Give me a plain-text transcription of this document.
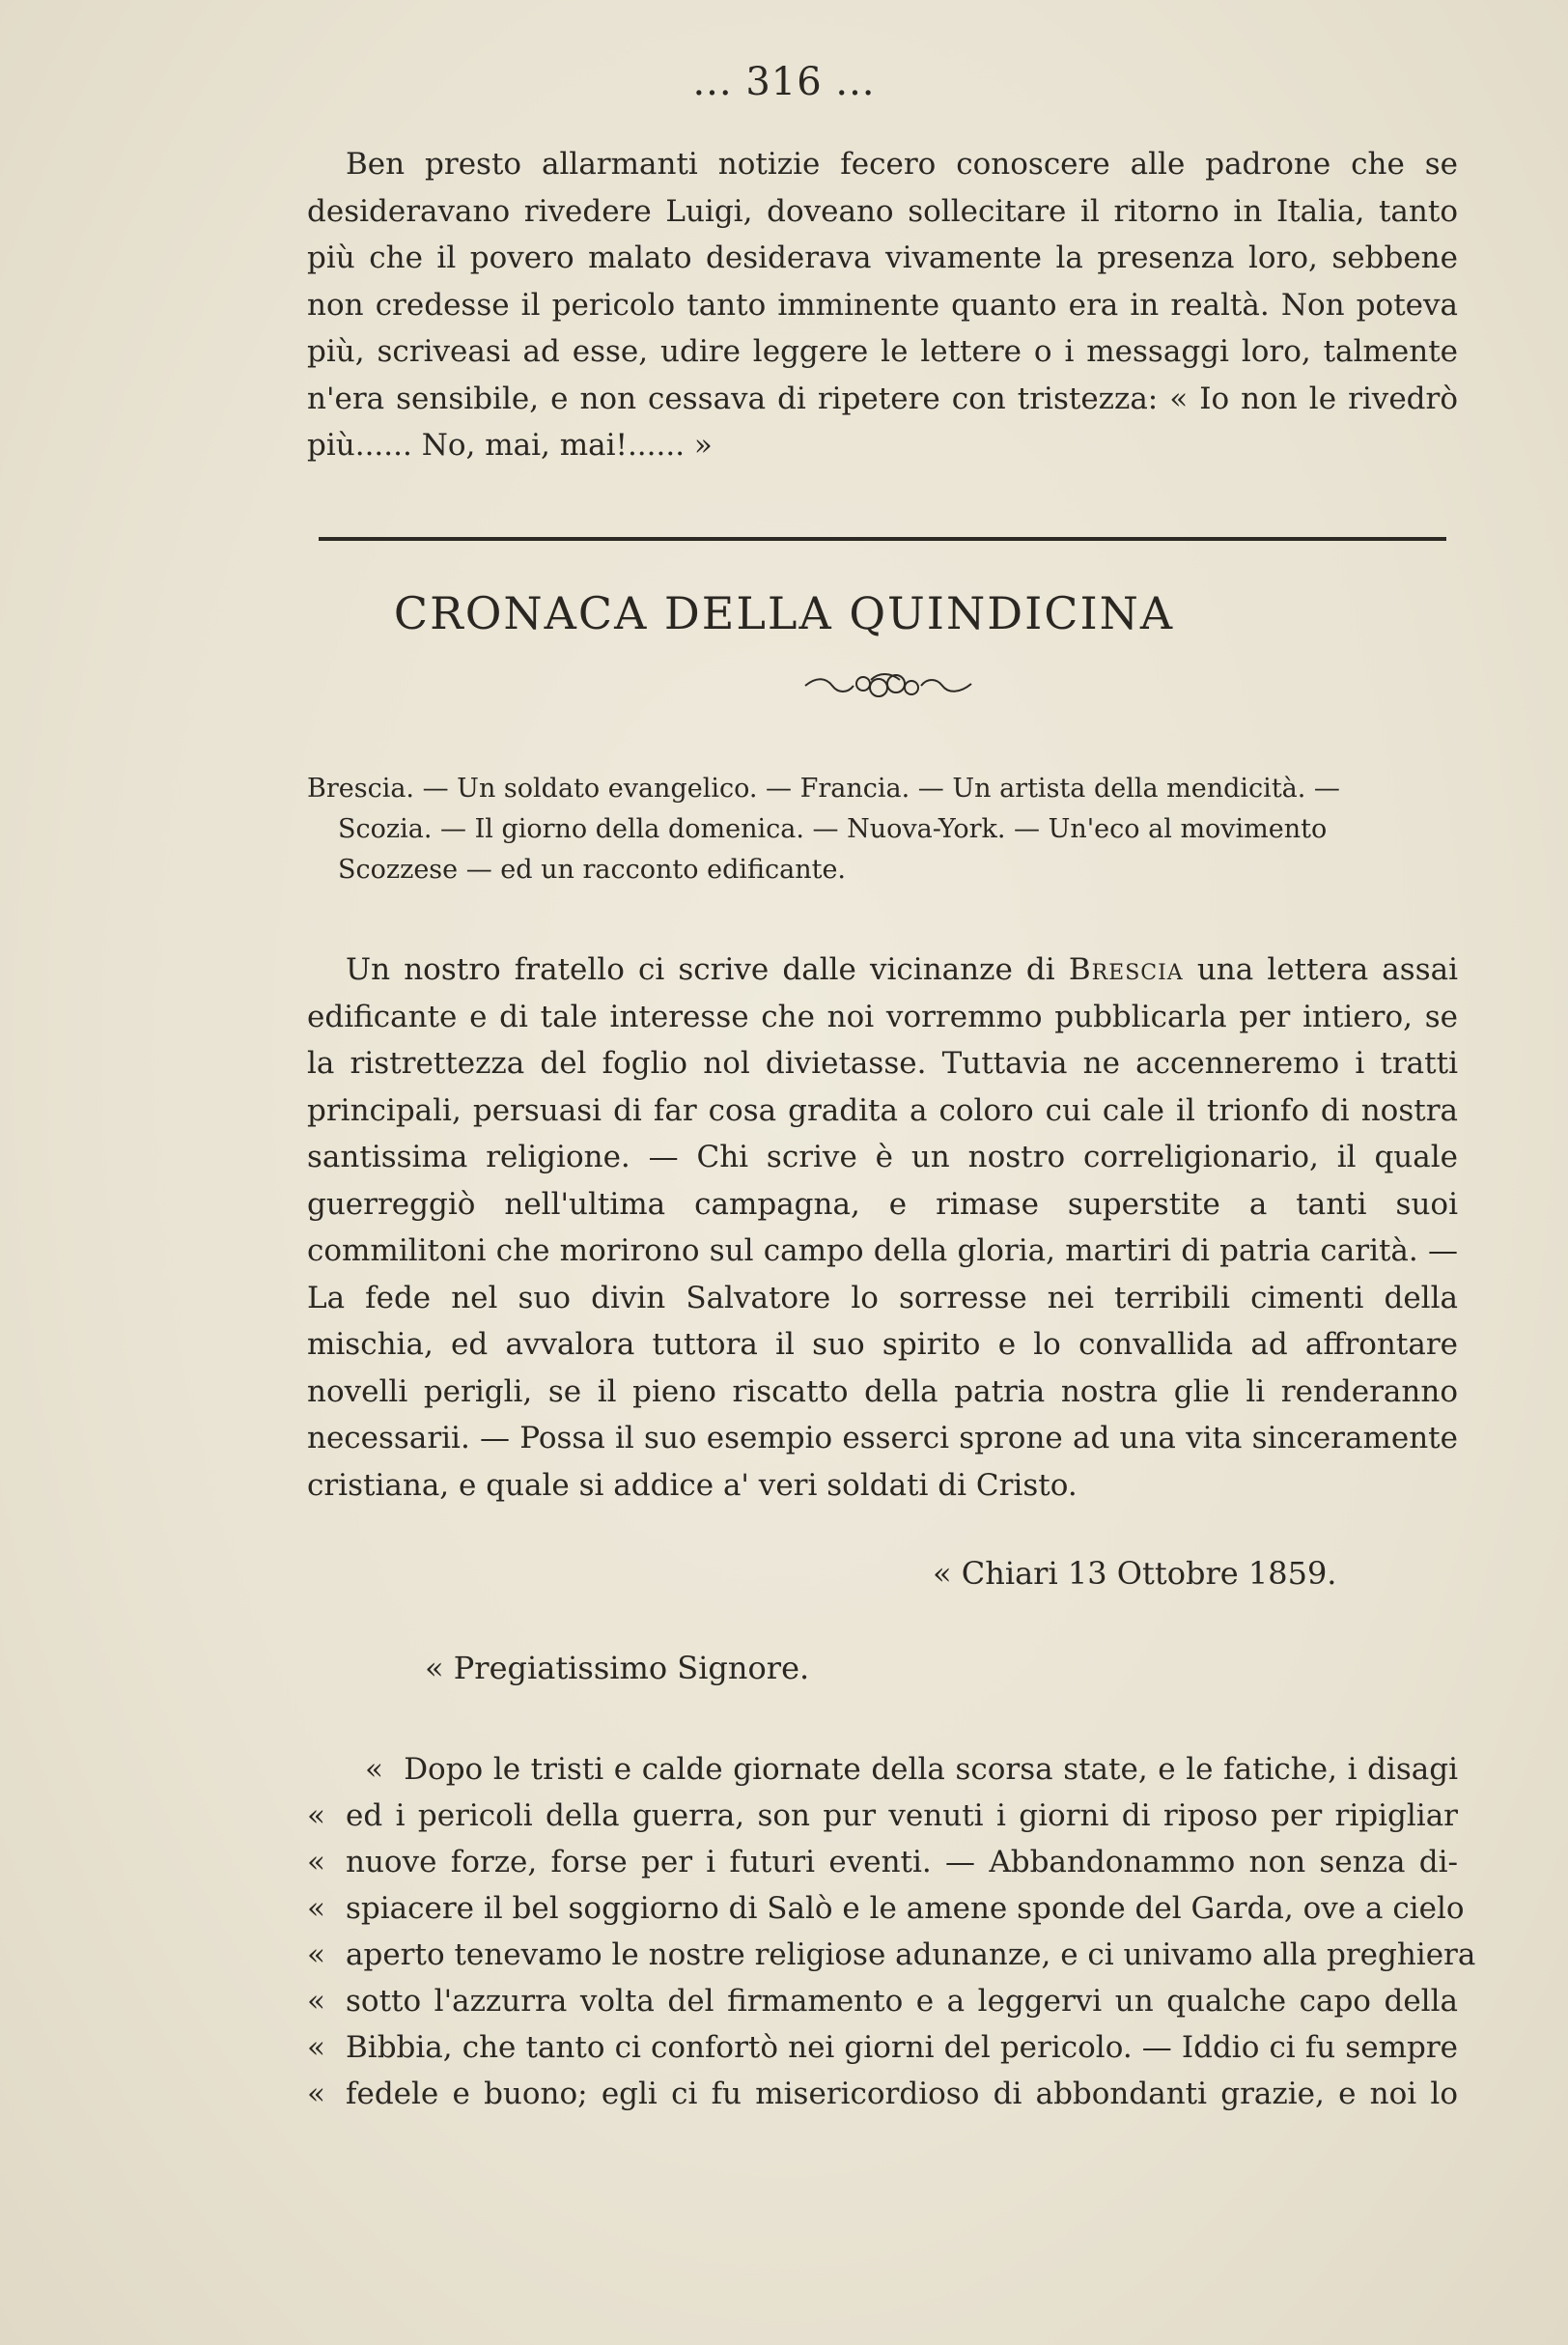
... 316 ...

Ben presto allarmanti notizie fecero conoscere alle padrone che se desideravano rivedere Luigi, doveano sollecitare il ritorno in Italia, tanto più che il povero malato desiderava vivamente la presenza loro, sebbene non credesse il pericolo tanto imminente quanto era in realtà. Non poteva più, scriveasi ad esse, udire leggere le lettere o i messaggi loro, talmente n'era sensibile, e non cessava di ripetere con tristezza: « Io non le rivedrò più...... No, mai, mai!...... »

CRONACA DELLA QUINDICINA

Brescia. — Un soldato evangelico. — Francia. — Un artista della mendicità. —

Scozia. — Il giorno della domenica. — Nuova-York. — Un'eco al movimento

Scozzese — ed un racconto edificante.

Un nostro fratello ci scrive dalle vicinanze di Brescia una lettera assai edificante e di tale interesse che noi vorremmo pubblicarla per intiero, se la ristrettezza del foglio nol divietasse. Tuttavia ne accenneremo i tratti principali, persuasi di far cosa gradita a coloro cui cale il trionfo di nostra santissima religione. — Chi scrive è un nostro correligionario, il quale guerreggiò nell'ultima campagna, e rimase superstite a tanti suoi commilitoni che morirono sul campo della gloria, martiri di patria carità. — La fede nel suo divin Salvatore lo sorresse nei terribili cimenti della mischia, ed avvalora tuttora il suo spirito e lo convallida ad affrontare novelli perigli, se il pieno riscatto della patria nostra glie li renderanno necessarii. — Possa il suo esempio esserci sprone ad una vita sinceramente cristiana, e quale si addice a' veri soldati di Cristo.

« Chiari 13 Ottobre 1859.
« Pregiatissimo Signore.
« Dopo le tristi e calde giornate della scorsa state, e le fatiche, i disagi
« ed i pericoli della guerra, son pur venuti i giorni di riposo per ripigliar
« nuove forze, forse per i futuri eventi. — Abbandonammo non senza di-
« spiacere il bel soggiorno di Salò e le amene sponde del Garda, ove a cielo
« aperto tenevamo le nostre religiose adunanze, e ci univamo alla preghiera
« sotto l'azzurra volta del firmamento e a leggervi un qualche capo della
« Bibbia, che tanto ci confortò nei giorni del pericolo. — Iddio ci fu sempre
« fedele e buono; egli ci fu misericordioso di abbondanti grazie, e noi lo
